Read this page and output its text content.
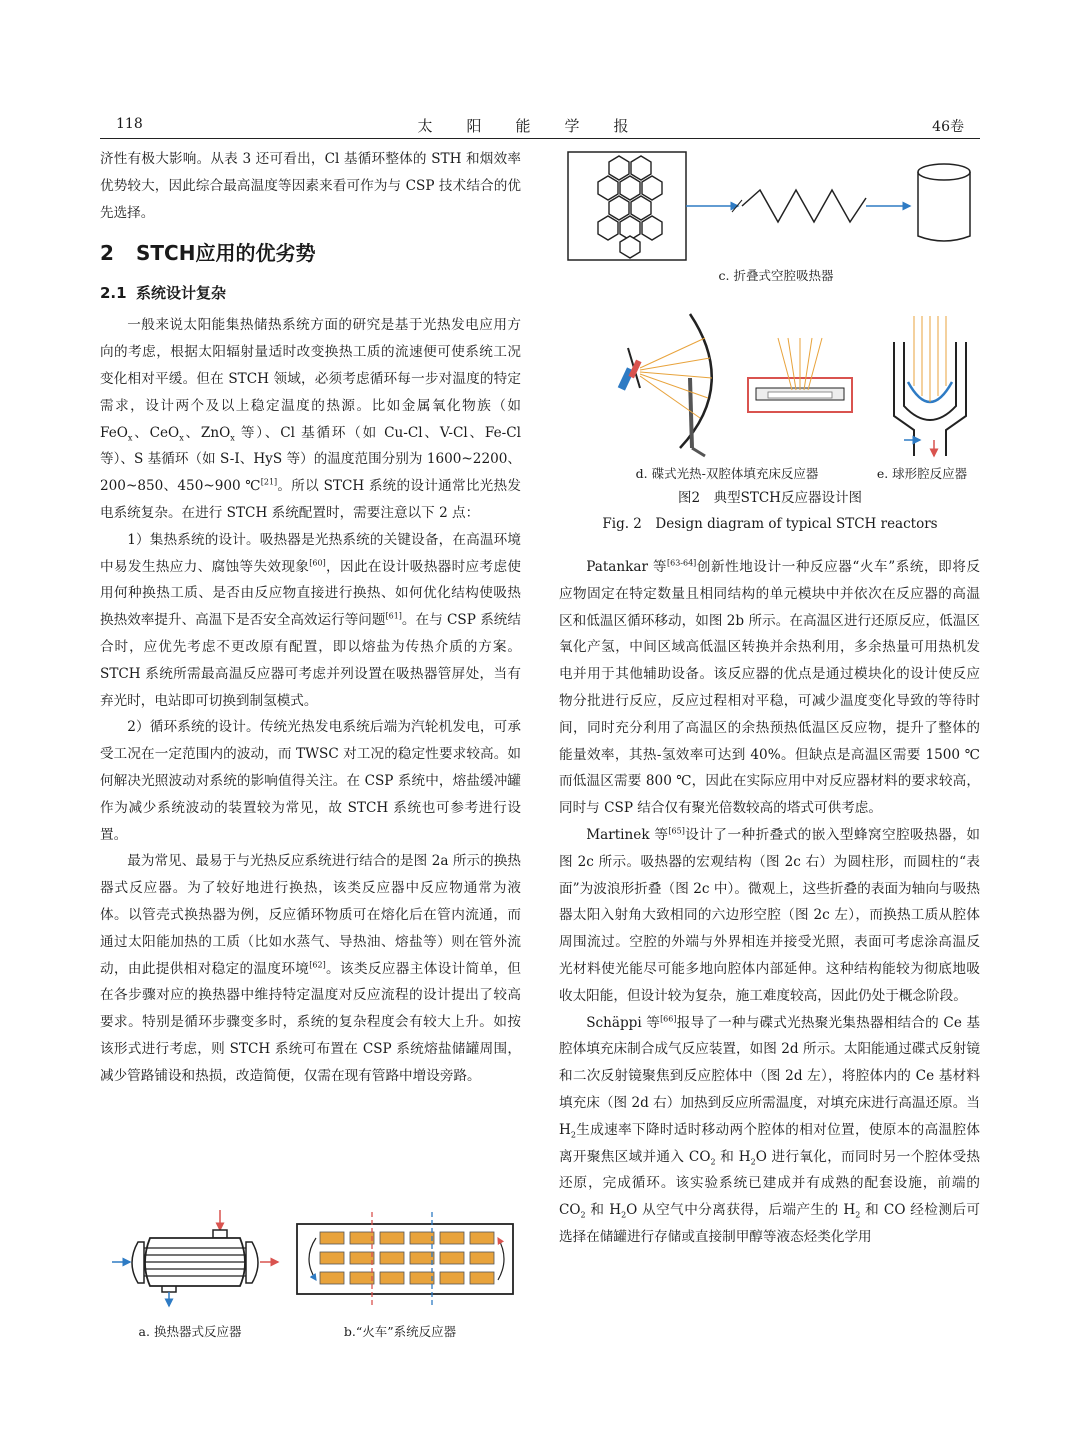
118	太阳能学报	46卷

济性有极大影响。从表 3 还可看出，Cl 基循环整体的 STH 和烟效率优势较大，因此综合最高温度等因素来看可作为与 CSP 技术结合的优先选择。

2 STCH应用的优劣势
2.1 系统设计复杂

一般来说太阳能集热储热系统方面的研究是基于光热发电应用方向的考虑，根据太阳辐射量适时改变换热工质的流速便可使系统工况变化相对平缓。但在 STCH 领域，必须考虑循环每一步对温度的特定需求，设计两个及以上稳定温度的热源。比如金属氧化物族（如 FeO$_x$、CeO$_x$、ZnO$_x$ 等）、Cl 基循环（如 Cu-Cl、V-Cl、Fe-Cl 等）、S 基循环（如 S-I、HyS 等）的温度范围分别为 1600~2200、200~850、450~900 ℃[21]。所以 STCH 系统的设计通常比光热发电系统复杂。在进行 STCH 系统配置时，需要注意以下 2 点：

1）集热系统的设计。吸热器是光热系统的关键设备，在高温环境中易发生热应力、腐蚀等失效现象[60]，因此在设计吸热器时应考虑使用何种换热工质、是否由反应物直接进行换热、如何优化结构使吸热换热效率提升、高温下是否安全高效运行等问题[61]。在与 CSP 系统结合时，应优先考虑不更改原有配置，即以熔盐为传热介质的方案。STCH 系统所需最高温反应器可考虑并列设置在吸热器管屏处，当有弃光时，电站即可切换到制氢模式。

2）循环系统的设计。传统光热发电系统后端为汽轮机发电，可承受工况在一定范围内的波动，而 TWSC 对工况的稳定性要求较高。如何解决光照波动对系统的影响值得关注。在 CSP 系统中，熔盐缓冲罐作为减少系统波动的装置较为常见，故 STCH 系统也可参考进行设置。

最为常见、最易于与光热反应系统进行结合的是图 2a 所示的换热器式反应器。为了较好地进行换热，该类反应器中反应物通常为液体。以管壳式换热器为例，反应循环物质可在熔化后在管内流通，而通过太阳能加热的工质（比如水蒸气、导热油、熔盐等）则在管外流动，由此提供相对稳定的温度环境[62]。该类反应器主体设计简单，但在各步骤对应的换热器中维持特定温度对反应流程的设计提出了较高要求。特别是循环步骤变多时，系统的复杂程度会有较大上升。如按该形式进行考虑，则 STCH 系统可布置在 CSP 系统熔盐储罐周围，减少管路铺设和热损，改造简便，仅需在现有管路中增设旁路。

a. 换热器式反应器	b.“火车”系统反应器
c. 折叠式空腔吸热器
d. 碟式光热-双腔体填充床反应器	e. 球形腔反应器
图2　典型STCH反应器设计图
Fig. 2　Design diagram of typical STCH reactors

Patankar 等[63-64]创新性地设计一种反应器“火车”系统，即将反应物固定在特定数量且相同结构的单元模块中并依次在反应器的高温区和低温区循环移动，如图 2b 所示。在高温区进行还原反应，低温区氧化产氢，中间区域高低温区转换并余热利用，多余热量可用热机发电并用于其他辅助设备。该反应器的优点是通过模块化的设计使反应物分批进行反应，反应过程相对平稳，可减少温度变化导致的等待时间，同时充分利用了高温区的余热预热低温区反应物，提升了整体的能量效率，其热-氢效率可达到 40%。但缺点是高温区需要 1500 ℃而低温区需要 800 ℃，因此在实际应用中对反应器材料的要求较高，同时与 CSP 结合仅有聚光倍数较高的塔式可供考虑。

Martinek 等[65]设计了一种折叠式的嵌入型蜂窝空腔吸热器，如图 2c 所示。吸热器的宏观结构（图 2c 右）为圆柱形，而圆柱的“表面”为波浪形折叠（图 2c 中）。微观上，这些折叠的表面为轴向与吸热器太阳入射角大致相同的六边形空腔（图 2c 左），而换热工质从腔体周围流过。空腔的外端与外界相连并接受光照，表面可考虑涂高温反光材料使光能尽可能多地向腔体内部延伸。这种结构能较为彻底地吸收太阳能，但设计较为复杂，施工难度较高，因此仍处于概念阶段。

Schäppi 等[66]报导了一种与碟式光热聚光集热器相结合的 Ce 基腔体填充床制合成气反应装置，如图 2d 所示。太阳能通过碟式反射镜和二次反射镜聚焦到反应腔体中（图 2d 左），将腔体内的 Ce 基材料填充床（图 2d 右）加热到反应所需温度，对填充床进行高温还原。当 $H_2$生成速率下降时适时移动两个腔体的相对位置，使原本的高温腔体离开聚焦区域并通入 $CO_2$ 和 $H_2O$ 进行氧化，而同时另一个腔体受热还原，完成循环。该实验系统已建成并有成熟的配套设施，前端的 $CO_2$ 和 $H_2O$ 从空气中分离获得，后端产生的 $H_2$ 和 CO 经检测后可选择在储罐进行存储或直接制甲醇等液态烃类化学用
